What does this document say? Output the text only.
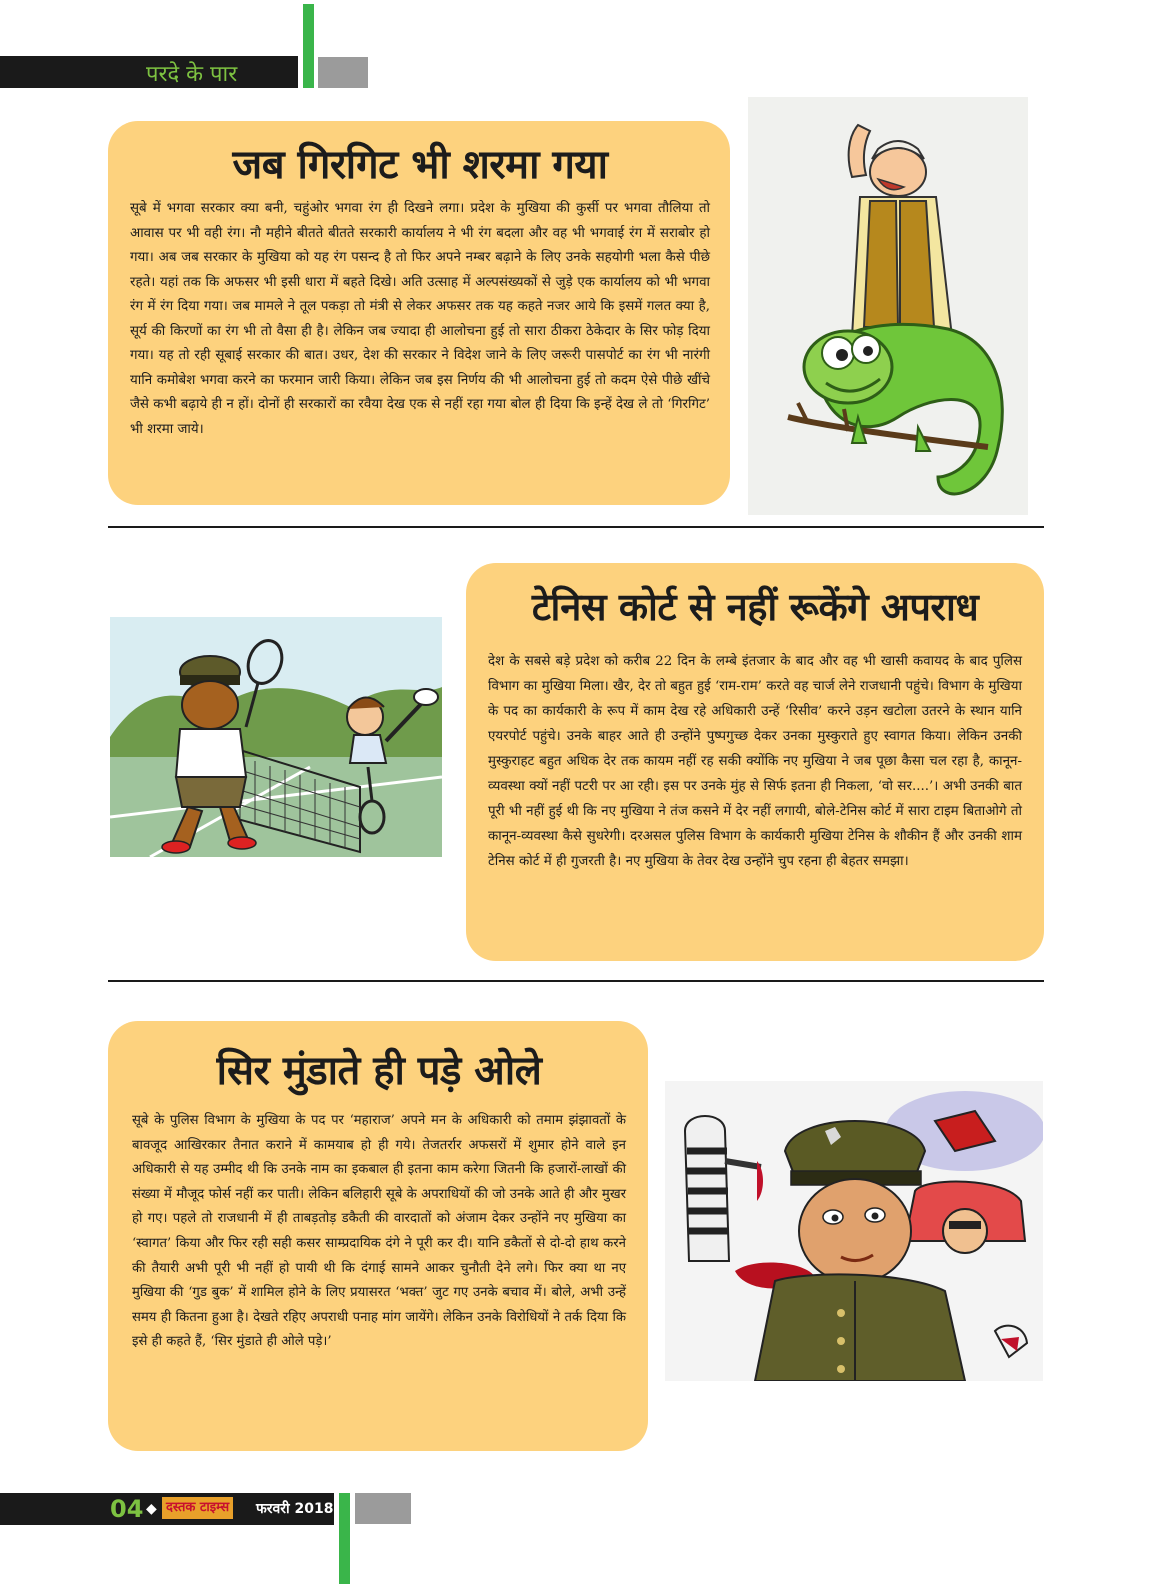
परदे के पार
जब गिरगिट भी शरमा गया

सूबे में भगवा सरकार क्या बनी, चहुंओर भगवा रंग ही दिखने लगा। प्रदेश के मुखिया की कुर्सी पर भगवा तौलिया तो आवास पर भी वही रंग। नौ महीने बीतते बीतते सरकारी कार्यालय ने भी रंग बदला और वह भी भगवाई रंग में सराबोर हो गया। अब जब सरकार के मुखिया को यह रंग पसन्द है तो फिर अपने नम्बर बढ़ाने के लिए उनके सहयोगी भला कैसे पीछे रहते। यहां तक कि अफसर भी इसी धारा में बहते दिखे। अति उत्साह में अल्पसंख्यकों से जुड़े एक कार्यालय को भी भगवा रंग में रंग दिया गया। जब मामले ने तूल पकड़ा तो मंत्री से लेकर अफसर तक यह कहते नजर आये कि इसमें गलत क्या है, सूर्य की किरणों का रंग भी तो वैसा ही है। लेकिन जब ज्यादा ही आलोचना हुई तो सारा ठीकरा ठेकेदार के सिर फोड़ दिया गया। यह तो रही सूबाई सरकार की बात। उधर, देश की सरकार ने विदेश जाने के लिए जरूरी पासपोर्ट का रंग भी नारंगी यानि कमोबेश भगवा करने का फरमान जारी किया। लेकिन जब इस निर्णय की भी आलोचना हुई तो कदम ऐसे पीछे खींचे जैसे कभी बढ़ाये ही न हों। दोनों ही सरकारों का रवैया देख एक से नहीं रहा गया बोल ही दिया कि इन्हें देख ले तो ‘गिरगिट’ भी शरमा जाये।

टेनिस कोर्ट से नहीं रूकेंगे अपराध

देश के सबसे बड़े प्रदेश को करीब 22 दिन के लम्बे इंतजार के बाद और वह भी खासी कवायद के बाद पुलिस विभाग का मुखिया मिला। खैर, देर तो बहुत हुई ‘राम-राम’ करते वह चार्ज लेने राजधानी पहुंचे। विभाग के मुखिया के पद का कार्यकारी के रूप में काम देख रहे अधिकारी उन्हें ‘रिसीव’ करने उड़न खटोला उतरने के स्थान यानि एयरपोर्ट पहुंचे। उनके बाहर आते ही उन्होंने पुष्पगुच्छ देकर उनका मुस्कुराते हुए स्वागत किया। लेकिन उनकी मुस्कुराहट बहुत अधिक देर तक कायम नहीं रह सकी क्योंकि नए मुखिया ने जब पूछा कैसा चल रहा है, कानून-व्यवस्था क्यों नहीं पटरी पर आ रही। इस पर उनके मुंह से सिर्फ इतना ही निकला, ‘वो सर....’। अभी उनकी बात पूरी भी नहीं हुई थी कि नए मुखिया ने तंज कसने में देर नहीं लगायी, बोले-टेनिस कोर्ट में सारा टाइम बिताओगे तो कानून-व्यवस्था कैसे सुधरेगी। दरअसल पुलिस विभाग के कार्यकारी मुखिया टेनिस के शौकीन हैं और उनकी शाम टेनिस कोर्ट में ही गुजरती है। नए मुखिया के तेवर देख उन्होंने चुप रहना ही बेहतर समझा।

सिर मुंडाते ही पड़े ओले

सूबे के पुलिस विभाग के मुखिया के पद पर ‘महाराज’ अपने मन के अधिकारी को तमाम झंझावतों के बावजूद आखिरकार तैनात कराने में कामयाब हो ही गये। तेजतर्रार अफसरों में शुमार होने वाले इन अधिकारी से यह उम्मीद थी कि उनके नाम का इकबाल ही इतना काम करेगा जितनी कि हजारों-लाखों की संख्या में मौजूद फोर्स नहीं कर पाती। लेकिन बलिहारी सूबे के अपराधियों की जो उनके आते ही और मुखर हो गए। पहले तो राजधानी में ही ताबड़तोड़ डकैती की वारदातों को अंजाम देकर उन्होंने नए मुखिया का ‘स्वागत’ किया और फिर रही सही कसर साम्प्रदायिक दंगे ने पूरी कर दी। यानि डकैतों से दो-दो हाथ करने की तैयारी अभी पूरी भी नहीं हो पायी थी कि दंगाई सामने आकर चुनौती देने लगे। फिर क्या था नए मुखिया की ‘गुड बुक’ में शामिल होने के लिए प्रयासरत ‘भक्त’ जुट गए उनके बचाव में। बोले, अभी उन्हें समय ही कितना हुआ है। देखते रहिए अपराधी पनाह मांग जायेंगे। लेकिन उनके विरोधियों ने तर्क दिया कि इसे ही कहते हैं, ‘सिर मुंडाते ही ओले पड़े।’

04 ◆ दस्तक टाइम्स फरवरी 2018
